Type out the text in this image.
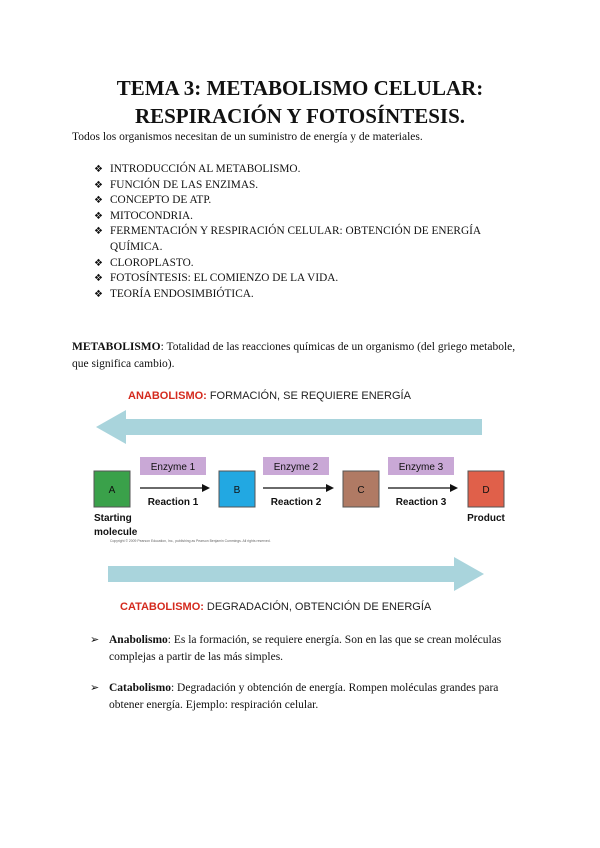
TEMA 3: METABOLISMO CELULAR:
RESPIRACIÓN Y FOTOSÍNTESIS.
Todos los organismos necesitan de un suministro de energía y de materiales.
❖ INTRODUCCIÓN AL METABOLISMO.
❖ FUNCIÓN DE LAS ENZIMAS.
❖ CONCEPTO DE ATP.
❖ MITOCONDRIA.
❖ FERMENTACIÓN Y RESPIRACIÓN CELULAR: OBTENCIÓN DE ENERGÍA QUÍMICA.
❖ CLOROPLASTO.
❖ FOTOSÍNTESIS: EL COMIENZO DE LA VIDA.
❖ TEORÍA ENDOSIMBIÓTICA.
METABOLISMO: Totalidad de las reacciones químicas de un organismo (del griego metabole, que significa cambio).
ANABOLISMO: FORMACIÓN, SE REQUIERE ENERGÍA
Enzyme 1	Enzyme 2	Enzyme 3
A	B	C	D
Reaction 1	Reaction 2	Reaction 3
Starting
molecule
Product
Copyright © 2009 Pearson Education, Inc., publishing as Pearson Benjamin Cummings. All rights reserved.
CATABOLISMO: DEGRADACIÓN, OBTENCIÓN DE ENERGÍA
➢ Anabolismo: Es la formación, se requiere energía. Son en las que se crean moléculas complejas a partir de las más simples.
➢ Catabolismo: Degradación y obtención de energía. Rompen moléculas grandes para obtener energía. Ejemplo: respiración celular.
